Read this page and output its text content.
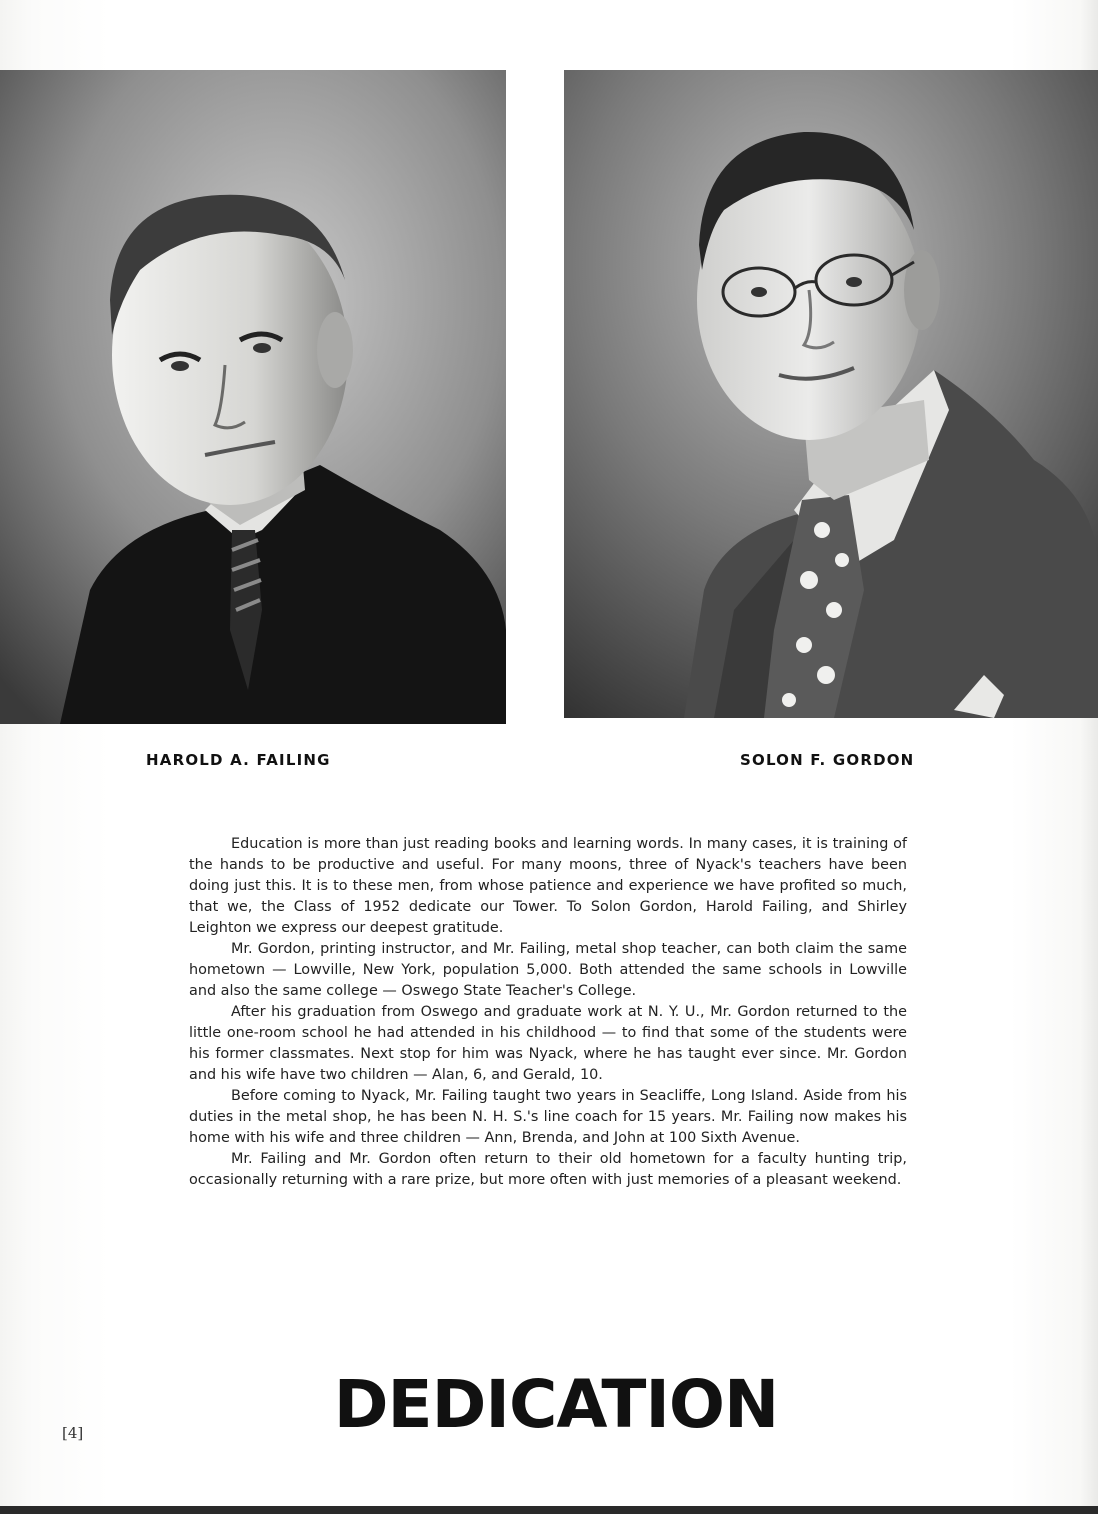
HAROLD A. FAILING	SOLON F. GORDON

Education is more than just reading books and learning words. In many cases, it is training of the hands to be productive and useful. For many moons, three of Nyack's teachers have been doing just this. It is to these men, from whose patience and experience we have profited so much, that we, the Class of 1952 dedicate our Tower. To Solon Gordon, Harold Failing, and Shirley Leighton we express our deepest gratitude.

Mr. Gordon, printing instructor, and Mr. Failing, metal shop teacher, can both claim the same hometown — Lowville, New York, population 5,000. Both attended the same schools in Lowville and also the same college — Oswego State Teacher's College.

After his graduation from Oswego and graduate work at N. Y. U., Mr. Gordon returned to the little one-room school he had attended in his childhood — to find that some of the students were his former classmates. Next stop for him was Nyack, where he has taught ever since. Mr. Gordon and his wife have two children — Alan, 6, and Gerald, 10.

Before coming to Nyack, Mr. Failing taught two years in Seacliffe, Long Island. Aside from his duties in the metal shop, he has been N. H. S.'s line coach for 15 years. Mr. Failing now makes his home with his wife and three children — Ann, Brenda, and John at 100 Sixth Avenue.

Mr. Failing and Mr. Gordon often return to their old hometown for a faculty hunting trip, occasionally returning with a rare prize, but more often with just memories of a pleasant weekend.

[4]	DEDICATION
